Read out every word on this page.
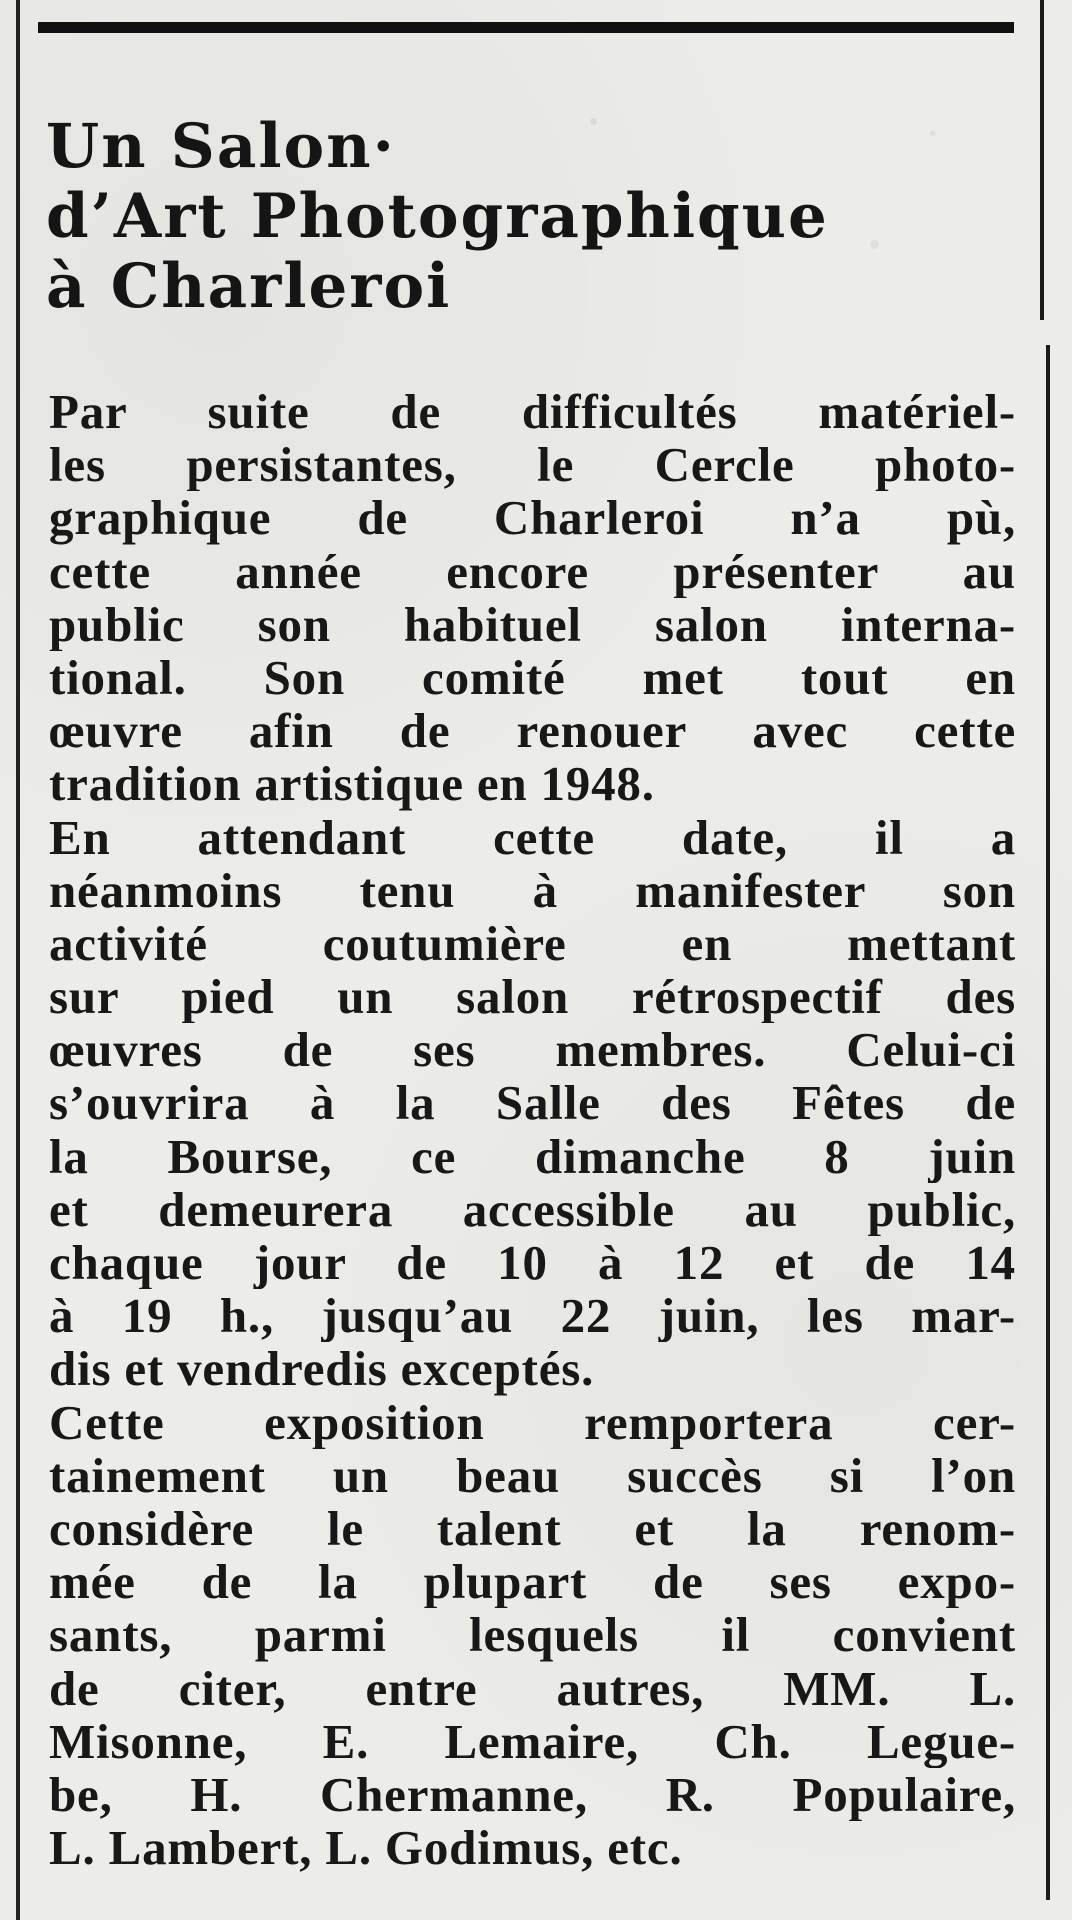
Un Salon·
d’Art Photographique
à Charleroi
Par suite de difficultés matériel-
les persistantes, le Cercle photo-
graphique de Charleroi n’a pù,
cette année encore présenter au
public son habituel salon interna-
tional. Son comité met tout en
œuvre afin de renouer avec cette
tradition artistique en 1948.
En attendant cette date, il a
néanmoins tenu à manifester son
activité coutumière en mettant
sur pied un salon rétrospectif des
œuvres de ses membres. Celui-ci
s’ouvrira à la Salle des Fêtes de
la Bourse, ce dimanche 8 juin
et demeurera accessible au public,
chaque jour de 10 à 12 et de 14
à 19 h., jusqu’au 22 juin, les mar-
dis et vendredis exceptés.
Cette exposition remportera cer-
tainement un beau succès si l’on
considère le talent et la renom-
mée de la plupart de ses expo-
sants, parmi lesquels il convient
de citer, entre autres, MM. L.
Misonne, E. Lemaire, Ch. Legue-
be, H. Chermanne, R. Populaire,
L. Lambert, L. Godimus, etc.
